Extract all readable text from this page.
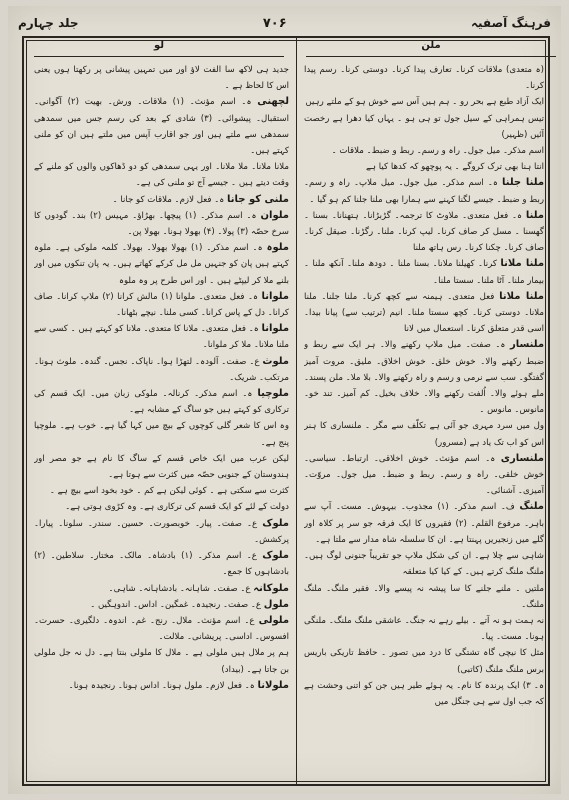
فرہنگ آصفیہ
۷۰۶
جلد چہارم
ملن
لو

(ہ متعدی) ملاقات کرنا۔ تعارف پیدا کرنا۔ دوستی کرنا۔ رسم پیدا کرنا۔

ایک آزاد طبع ہے بحر رو ۔ ہم ہیں آس سے خوش ہو کے ملتے رہیں

تیس ہمراہی کے سیل جول تو ہی ہو ۔ یہاں کیا دھرا ہے رخصت آئیں (ظہیر)

اسم مذکر۔ میل جول۔ راہ و رسم۔ ربط و ضبط۔ ملاقات ۔

انتا ہنا بھی ترک کروگے ۔ یہ پوچھو کہ کدھا کیا ہے

ملنا جلنا ہ۔ اسم مذکر۔ میل جول۔ میل ملاپ۔ راہ و رسم۔ ربط و ضبط۔ جیسے لگنا کہنے سے ہمارا بھی ملنا جلنا کم ہو گیا ۔

ملنا ہ۔ فعل متعدی۔ ملاوٹ کا ترجمہ۔ گڑبڑانا۔ ہتھنانا۔ بسنا ۔ گھسنا ۔ مسل کر صاف کرنا۔ لیپ کرنا۔ ملنا۔ رگڑنا۔ صیقل کرنا۔ صاف کرنا۔ چکنا کرنا۔ رس ہاتھ ملنا

ملنا ملانا کرنا۔ کھیلنا ملانا۔ بسنا ملنا ۔ دودھ ملنا۔ آنکھ ملنا ۔ بیمار ملنا۔ آٹا ملنا۔ سستا ملنا۔

ملنا ملانا فعل متعدی۔ ہیمنہ سے کچھ کرنا۔ ملنا جلنا۔ ملنا ملانا۔ دوستی کرنا۔ کچھ سستا ملنا۔ انیم (ترتیب سے) پیانا بیدا۔ اسی قدر متعلق کرنا۔ استعمال میں لانا

ملنسار ہ۔ صفت۔ میل ملاپ رکھنے والا۔ ہر ایک سے ربط و ضبط رکھنے والا۔ خوش خلق۔ خوش اخلاق۔ ملیق۔ مروت آمیز گفتگو۔ سب سے نرمی و رسم و راہ رکھنے والا۔ بلا ملا۔ ملن پسند۔ ملے ہوئے والا۔ اُلفت رکھنے والا۔ خلاف بخیل۔ کم آمیز۔ تند خو۔ مانوس۔ مانوس ۔

ول میں سرد مہری جو آئی ہے تکلّف سے مگر ۔ ملنساری کا ہنر اس کو اب تک یاد ہے (مسرور)

ملنساری ہ۔ اسم مؤنث۔ خوش اخلاقی۔ ارتباط۔ سیاسی۔ خوش خلقی۔ راہ و رسم۔ ربط و ضبط۔ میل جول۔ مروّت۔ آمیزی۔ آشنائی۔

ملنگ ف۔ اسم مذکر۔ (۱) مجذوب۔ بیہوش۔ مست۔ آپ سے باہر۔ مرفوع القلم۔ (۲) فقیروں کا ایک فرقہ جو سر پر کلاہ اور گلے میں زنجیریں پہنتا ہے۔ ان کا سلسلہ شاہ مدار سے ملتا ہے۔

شاہی سے چلا ہے۔ ان کی شکل ملاپ جو تقریباً جنونی لوگ ہیں۔ ملنگ ملنگ کرتے ہیں۔ کے کیا کیا متعلقہ

ملتیں ۔ ملنے جلنے کا سا پیشہ نہ پیسے والا۔ فقیر ملنگ۔ ملنگ ملنگ۔

نہ ہمت ہو نہ آتے ۔ بیلے رہے نہ جنگ۔ عاشقی ملنگ ملنگ۔ ملنگی ہونا۔ مست۔ پیا۔

مثل کا نیچی گاہ تشتگی کا درد میں تصور ۔ حافظ تاریکی باریس برس ملنگ ملنگ (کاتبی)

ہ۔ ۳) ایک پرندہ کا نام۔ یہ ہوئے طیر ہیں جن کو اتنی وحشت ہے کہ جب اول سے ہی جنگل میں

جدید ہی لاکھ سا الفت لاؤ اور میں تمہیں پیشانی پر رکھتا ہوں یعنی اس کا لحاظ ہے ۔

لچھنی ہ۔ اسم مؤنث۔ (۱) ملاقات۔ ورش۔ بھیت (۲) آگوانی۔ استقبال۔ پیشوائی۔ (۳) شادی کے بعد کی رسم جس میں سمدھی سمدھی سے ملتے ہیں اور جو اقارب آپس میں ملتے ہیں ان کو ملنی کہتے ہیں۔

ملانا ملانا۔ ملا ملانا۔ اور یہی سمدھی کو دو ڈھاکوں والوں کو ملنے کے وقت دیتے ہیں ۔ جیسے آج تو ملنی کی ہے۔

ملنی کو جانا ہ۔ فعل لازم۔ ملاقات کو جانا ۔

ملوان ہ۔ اسم مذکر۔ (۱) پیچھا۔ بھڑاؤ۔ مہیس (۲) بند۔ گودوں کا سرخ حصّہ (۳) پولا۔ (۴) بھولا ہونا۔ بھولا پن۔

ملوہ ہ۔ اسم مذکر۔ (۱) بھولا بھولا۔ بھولا۔ کلمہ ملوکی ہے۔ ملوہ کہتے ہیں پان کو جنہیں مل مل کرکے کھاتے ہیں۔ یہ پان تنکوں میں اور بلنے ملا کر لیپٹے ہیں ۔ اور اس طرح پر وہ ملوہ

ملوانا ہ۔ فعل متعدی۔ ملوانا (۱) مالش کرانا (۲) ملاپ کرانا۔ صاف کرانا۔ دل کے پاس کرانا۔ کسی ملنا۔ نیچے بٹھانا۔

ملوانا ہ۔ فعل متعدی۔ ملانا کا متعدی۔ ملانا کو کہتے ہیں ۔ کسی سے ملنا ملانا۔ ملا کر ملوانا۔

ملوث ع۔ صفت۔ آلودہ۔ لتھڑا ہوا۔ ناپاک۔ نجس۔ گندہ۔ ملوث ہونا۔ مرتکب۔ شریک۔

ملوچیا ہ۔ اسم مذکر۔ کرنالہ۔ ملوکی زبان میں۔ ایک قسم کی ترکاری کو کہتے ہیں جو ساگ کے مشابہ ہے۔

وہ اس کا شعر گلی کوچوں کے بیچ میں کہا گیا ہے۔ خوب ہے۔ ملوچیا پنج ہے۔

لیکن عرب میں ایک خاص قسم کے ساگ کا نام ہے جو مصر اور ہندوستان کے جنوبی حصّہ میں کثرت سے ہوتا ہے۔

کثرت سے سکتی ہے ۔ کوئی لیکن ہے کم ۔ خود بخود اسے بیچ ہے ۔

دولت کے لئے کو ایک قسم کی ترکاری ہے۔ وہ کڑوی ہوتی ہے۔

ملوک ع۔ صفت۔ پیار۔ خوبصورت۔ حسین۔ سندر۔ سلونا۔ پیارا۔ پرکشش۔

ملوک ع۔ اسم مذکر۔ (۱) بادشاہ۔ مالک۔ مختار۔ سلاطین۔ (۲) بادشاہوں کا جمع۔

ملوکانہ ع۔ صفت۔ شاہانہ۔ بادشاہانہ۔ شاہی۔

ملول ع۔ صفت۔ رنجیدہ۔ غمگین۔ اداس۔ اندوہگیں ۔

ملولی ع۔ اسم مؤنث۔ ملال۔ رنج۔ غم۔ اندوہ۔ دلگیری۔ حسرت۔ افسوس۔ اداسی۔ پریشانی۔ ملالت۔

ہم پر ملال ہیں ملولی ہے ۔ ملال کا ملولی بنتا ہے۔ دل نہ جل ملولی بن جاتا ہے۔ (بیداد)

ملولانا ہ۔ فعل لازم۔ ملول ہونا۔ اداس ہونا۔ رنجیدہ ہونا۔
